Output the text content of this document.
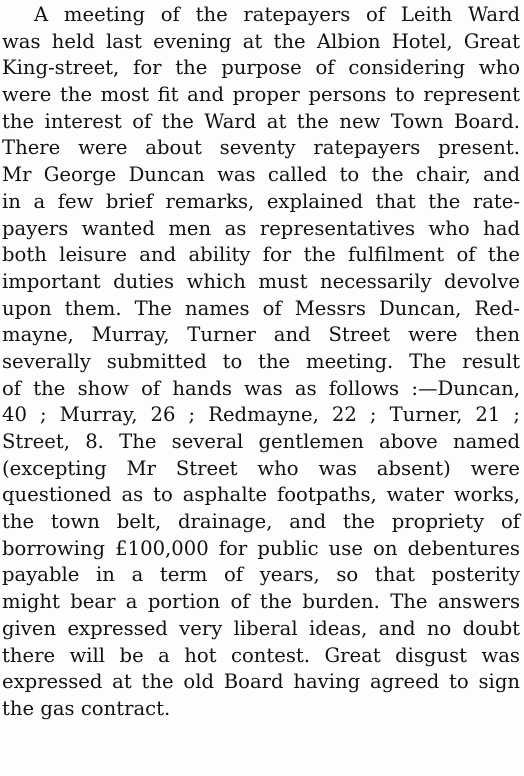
A meeting of the ratepayers of Leith Ward
was held last evening at the Albion Hotel, Great
King-street, for the purpose of considering who
were the most fit and proper persons to represent
the interest of the Ward at the new Town Board.
There were about seventy ratepayers present.
Mr George Duncan was called to the chair, and
in a few brief remarks, explained that the rate-
payers wanted men as representatives who had
both leisure and ability for the fulfilment of the
important duties which must necessarily devolve
upon them. The names of Messrs Duncan, Red-
mayne, Murray, Turner and Street were then
severally submitted to the meeting. The result
of the show of hands was as follows :—Duncan,
40 ; Murray, 26 ; Redmayne, 22 ; Turner, 21 ;
Street, 8. The several gentlemen above named
(excepting Mr Street who was absent) were
questioned as to asphalte footpaths, water works,
the town belt, drainage, and the propriety of
borrowing £100,000 for public use on debentures
payable in a term of years, so that posterity
might bear a portion of the burden. The answers
given expressed very liberal ideas, and no doubt
there will be a hot contest. Great disgust was
expressed at the old Board having agreed to sign
the gas contract.
